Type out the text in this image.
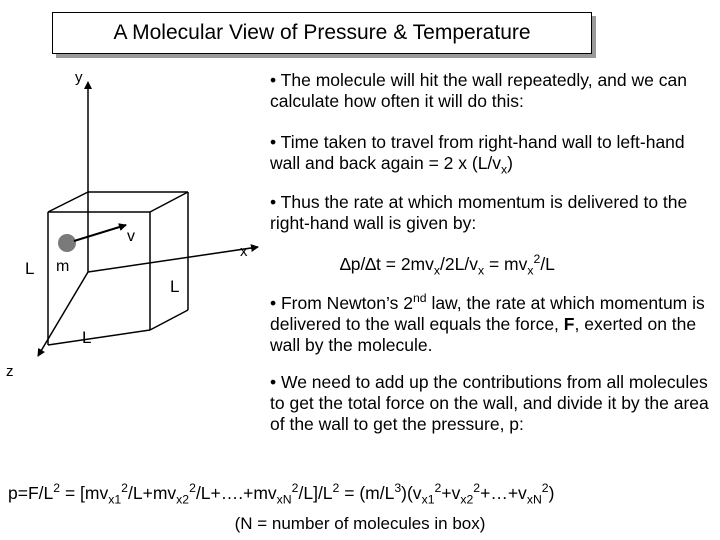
A Molecular View of Pressure & Temperature
y
x
z
v
m
L
L
L
• The molecule will hit the wall repeatedly, and we can calculate how often it will do this:
• Time taken to travel from right-hand wall to left-hand wall and back again = 2 x $(L/v_x)$
• Thus the rate at which momentum is delivered to the right-hand wall is given by:
$\Delta p/\Delta t = 2mv_x/2L/v_x = mv_x^2/L$
• From Newton’s 2nd law, the rate at which momentum is delivered to the wall equals the force, F, exerted on the wall by the molecule.
• We need to add up the contributions from all molecules to get the total force on the wall, and divide it by the area of the wall to get the pressure, p:
$p=F/L^2$ = $[mv_{x1}^2/L+mv_{x2}^2/L+\dots.+mv_{xN}^2/L]/L^2$ = $(m/L^3)(v_{x1}^2+v_{x2}^2+\dots+v_{xN}^2)$
(N = number of molecules in box)
